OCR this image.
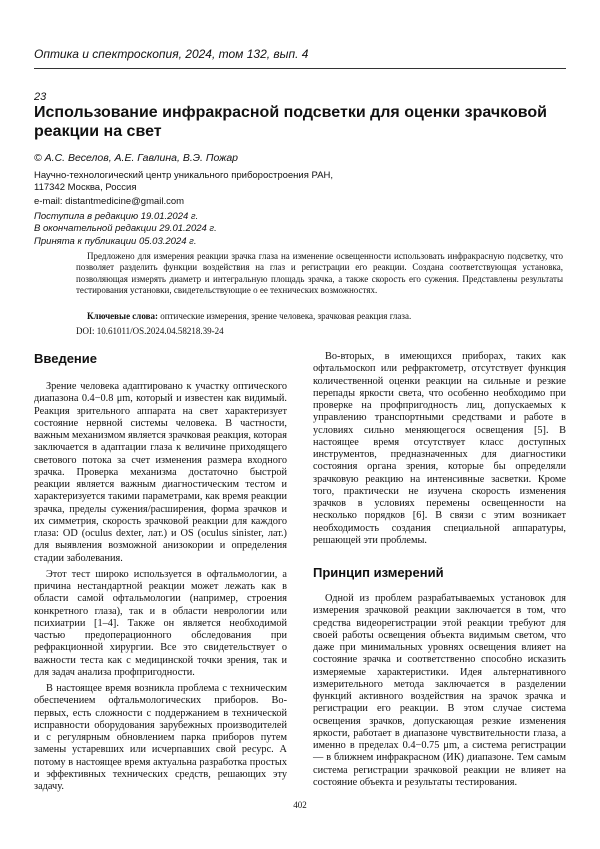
Оптика и спектроскопия, 2024, том 132, вып. 4
23
Использование инфракрасной подсветки для оценки зрачковой реакции на свет
© А.С. Веселов, А.Е. Гавлина, В.Э. Пожар
Научно-технологический центр уникального приборостроения РАН,
117342 Москва, Россия
e-mail: distantmedicine@gmail.com
Поступила в редакцию 19.01.2024 г.
В окончательной редакции 29.01.2024 г.
Принята к публикации 05.03.2024 г.

Предложено для измерения реакции зрачка глаза на изменение освещенности использовать инфракрасную подсветку, что позволяет разделить функции воздействия на глаз и регистрации его реакции. Создана соответствующая установка, позволяющая измерять диаметр и интегральную площадь зрачка, а также скорость его сужения. Представлены результаты тестирования установки, свидетельствующие о ее технических возможностях.

Ключевые слова: оптические измерения, зрение человека, зрачковая реакция глаза.
DOI: 10.61011/OS.2024.04.58218.39-24
Введение

Зрение человека адаптировано к участку оптического диапазона 0.4−0.8 μm, который и известен как видимый. Реакция зрительного аппарата на свет характеризует состояние нервной системы человека. В частности, важным механизмом является зрачковая реакция, которая заключается в адаптации глаза к величине приходящего светового потока за счет изменения размера входного зрачка. Проверка механизма достаточно быстрой реакции является важным диагностическим тестом и характеризуется такими параметрами, как время реакции зрачка, пределы сужения/расширения, форма зрачков и их симметрия, скорость зрачковой реакции для каждого глаза: OD (oculus dexter, лат.) и OS (oculus sinister, лат.) для выявления возможной анизокории и определения стадии заболевания.

Этот тест широко используется в офтальмологии, а причина нестандартной реакции может лежать как в области самой офтальмологии (например, строения конкретного глаза), так и в области неврологии или психиатрии [1–4]. Также он является необходимой частью предоперационного обследования при рефракционной хирургии. Все это свидетельствует о важности теста как с медицинской точки зрения, так и для задач анализа профпригодности.

В настоящее время возникла проблема с техническим обеспечением офтальмологических приборов. Во-первых, есть сложности с поддержанием в технической исправности оборудования зарубежных производителей и с регулярным обновлением парка приборов путем замены устаревших или исчерпавших свой ресурс. А потому в настоящее время актуальна разработка простых и эффективных технических средств, решающих эту задачу.

Во-вторых, в имеющихся приборах, таких как офтальмоскоп или рефрактометр, отсутствует функция количественной оценки реакции на сильные и резкие перепады яркости света, что особенно необходимо при проверке на профпригодность лиц, допускаемых к управлению транспортными средствами и работе в условиях сильно меняющегося освещения [5]. В настоящее время отсутствует класс доступных инструментов, предназначенных для диагностики состояния органа зрения, которые бы определяли зрачковую реакцию на интенсивные засветки. Кроме того, практически не изучена скорость изменения зрачков в условиях перемены освещенности на несколько порядков [6]. В связи с этим возникает необходимость создания специальной аппаратуры, решающей эти проблемы.

Принцип измерений

Одной из проблем разрабатываемых установок для измерения зрачковой реакции заключается в том, что средства видеорегистрации этой реакции требуют для своей работы освещения объекта видимым светом, что даже при минимальных уровнях освещения влияет на состояние зрачка и соответственно способно исказить измеряемые характеристики. Идея альтернативного измерительного метода заключается в разделении функций активного воздействия на зрачок зрачка и регистрации его реакции. В этом случае система освещения зрачков, допускающая резкие изменения яркости, работает в диапазоне чувствительности глаза, а именно в пределах 0.4−0.75 μm, а система регистрации — в ближнем инфракрасном (ИК) диапазоне. Тем самым система регистрации зрачковой реакции не влияет на состояние объекта и результаты тестирования.

402
